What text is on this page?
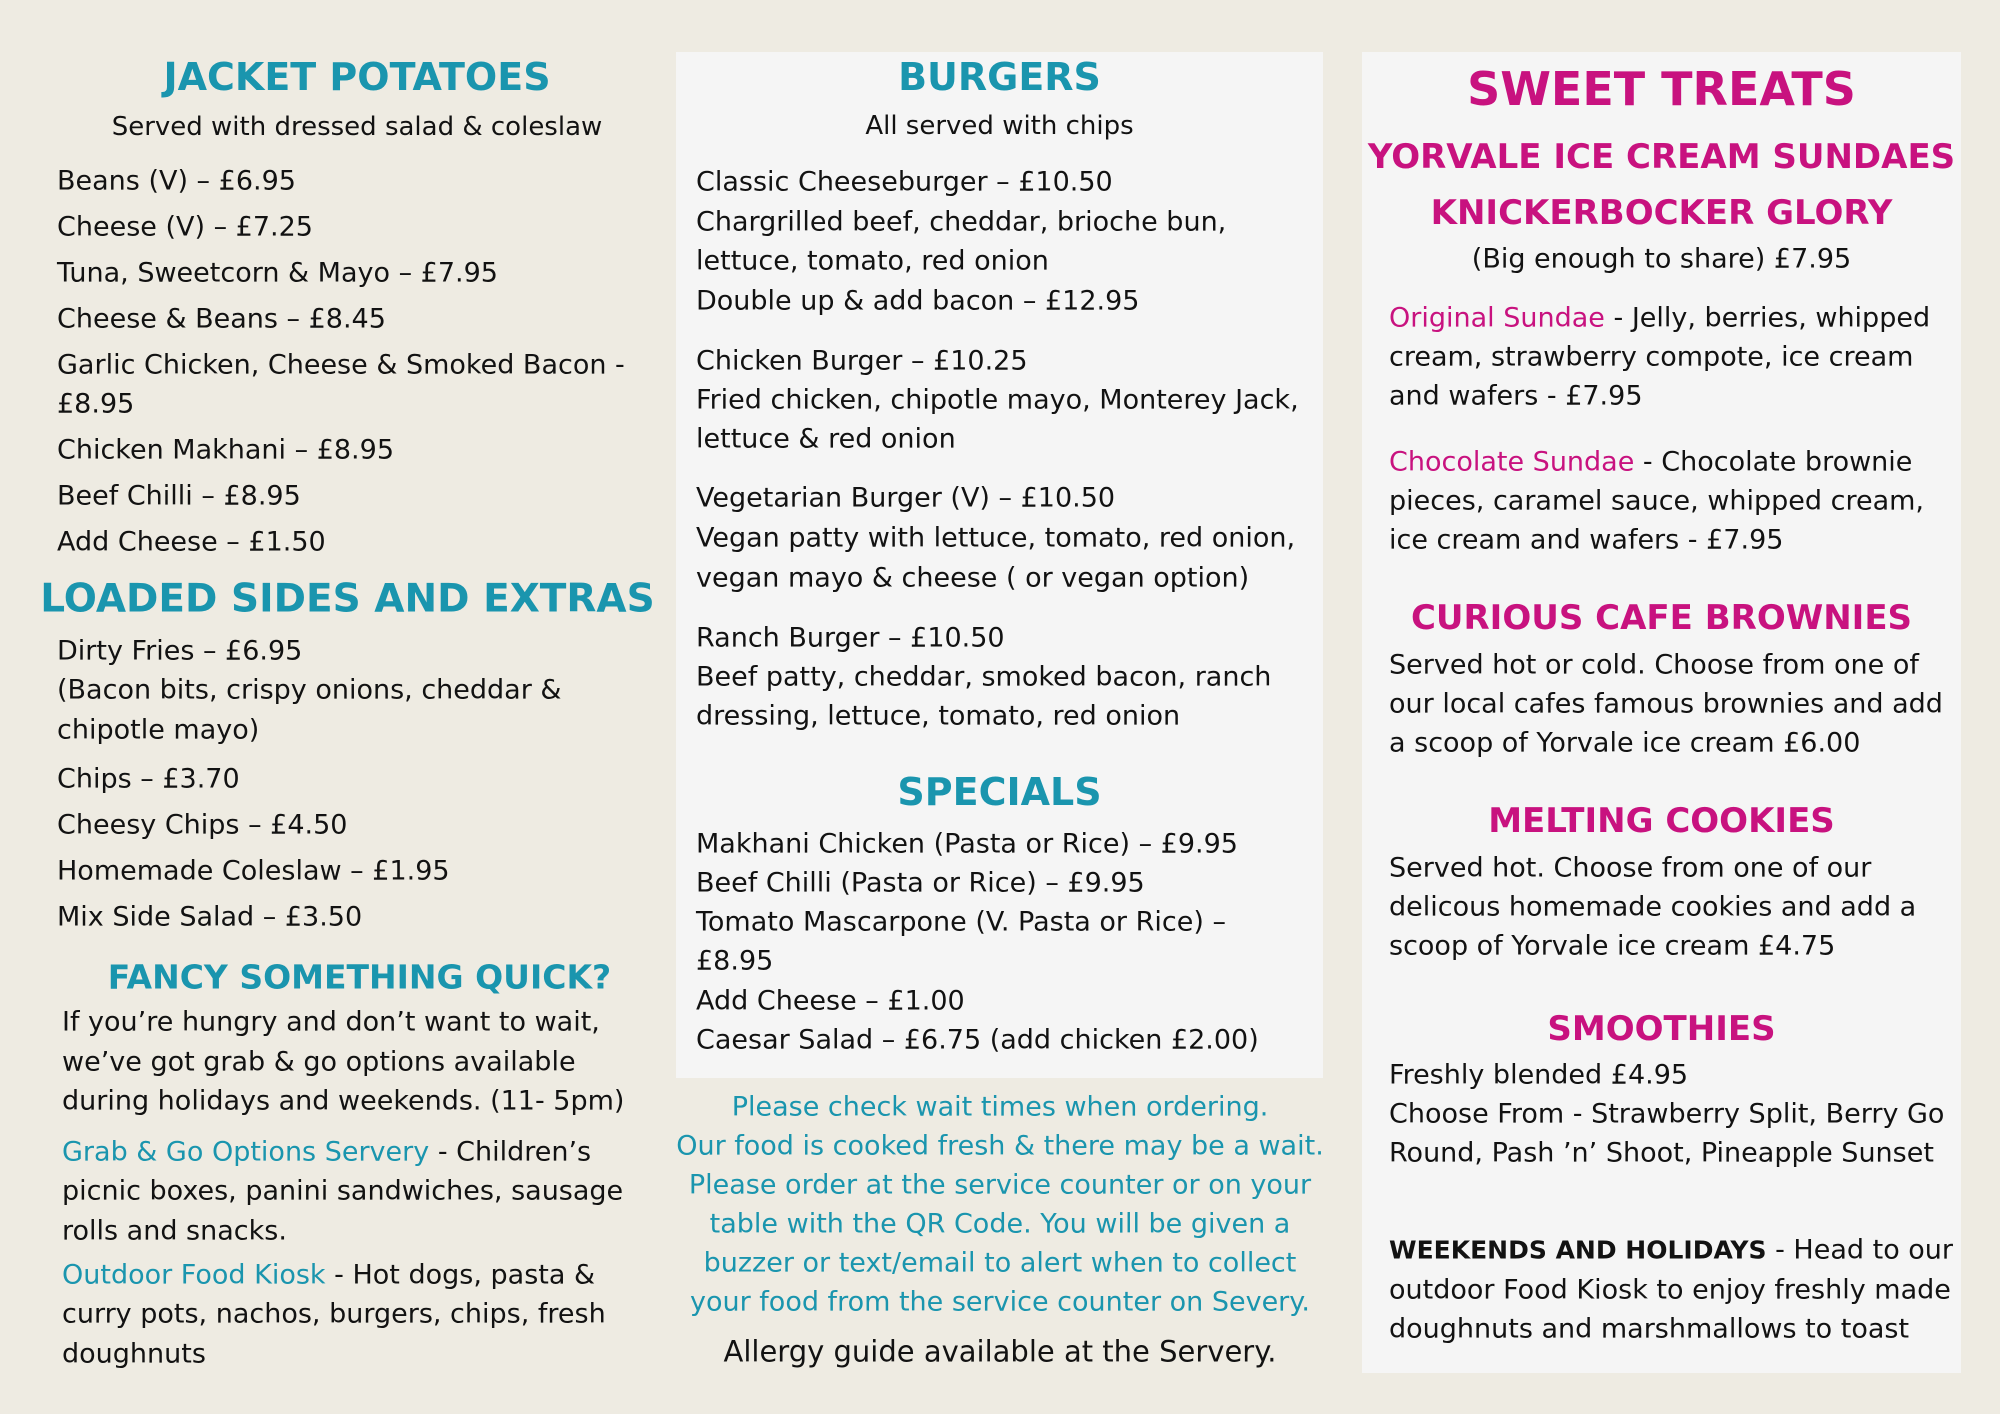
JACKET POTATOES
Served with dressed salad & coleslaw
Beans (V) – £6.95
Cheese (V) – £7.25
Tuna, Sweetcorn & Mayo – £7.95
Cheese & Beans – £8.45
Garlic Chicken, Cheese & Smoked Bacon -
£8.95
Chicken Makhani – £8.95
Beef Chilli – £8.95
Add Cheese – £1.50
LOADED SIDES AND EXTRAS
Dirty Fries – £6.95
(Bacon bits, crispy onions, cheddar &
chipotle mayo)
Chips – £3.70
Cheesy Chips – £4.50
Homemade Coleslaw – £1.95
Mix Side Salad – £3.50
FANCY SOMETHING QUICK?
If you’re hungry and don’t want to wait,
we’ve got grab & go options available
during holidays and weekends. (11- 5pm)
Grab & Go Options Servery - Children’s
picnic boxes, panini sandwiches, sausage
rolls and snacks.
Outdoor Food Kiosk - Hot dogs, pasta &
curry pots, nachos, burgers, chips, fresh
doughnuts
BURGERS
All served with chips
Classic Cheeseburger – £10.50
Chargrilled beef, cheddar, brioche bun,
lettuce, tomato, red onion
Double up & add bacon – £12.95
Chicken Burger – £10.25
Fried chicken, chipotle mayo, Monterey Jack,
lettuce & red onion
Vegetarian Burger (V) – £10.50
Vegan patty with lettuce, tomato, red onion,
vegan mayo & cheese ( or vegan option)
Ranch Burger – £10.50
Beef patty, cheddar, smoked bacon, ranch
dressing, lettuce, tomato, red onion
SPECIALS
Makhani Chicken (Pasta or Rice) – £9.95
Beef Chilli (Pasta or Rice) – £9.95
Tomato Mascarpone (V. Pasta or Rice) –
£8.95
Add Cheese – £1.00
Caesar Salad – £6.75 (add chicken £2.00)
Please check wait times when ordering.
Our food is cooked fresh & there may be a wait.
Please order at the service counter or on your
table with the QR Code. You will be given a
buzzer or text/email to alert when to collect
your food from the service counter on Severy.
Allergy guide available at the Servery.
SWEET TREATS
YORVALE ICE CREAM SUNDAES
KNICKERBOCKER GLORY
(Big enough to share) £7.95
Original Sundae - Jelly, berries, whipped
cream, strawberry compote, ice cream
and wafers - £7.95
Chocolate Sundae - Chocolate brownie
pieces, caramel sauce, whipped cream,
ice cream and wafers - £7.95
CURIOUS CAFE BROWNIES
Served hot or cold. Choose from one of
our local cafes famous brownies and add
a scoop of Yorvale ice cream £6.00
MELTING COOKIES
Served hot. Choose from one of our
delicous homemade cookies and add a
scoop of Yorvale ice cream £4.75
SMOOTHIES
Freshly blended £4.95
Choose From - Strawberry Split, Berry Go
Round, Pash ’n’ Shoot, Pineapple Sunset
WEEKENDS AND HOLIDAYS - Head to our
outdoor Food Kiosk to enjoy freshly made
doughnuts and marshmallows to toast
